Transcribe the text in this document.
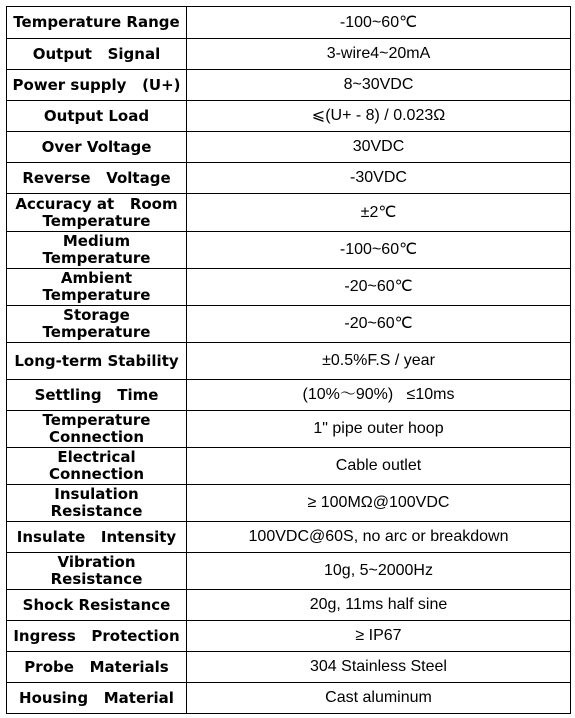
Temperature Range	-100~60℃
Output   Signal	3-wire4~20mA
Power supply   (U+)	8~30VDC
Output Load	⩽(U+ - 8) / 0.023Ω
Over Voltage	30VDC
Reverse   Voltage	-30VDC
Accuracy at   Room Temperature	±2℃
Medium Temperature	-100~60℃
Ambient Temperature	-20~60℃
Storage Temperature	-20~60℃
Long-term Stability	±0.5%F.S / year
Settling   Time	(10%～90%)   ≤10ms
Temperature Connection	1" pipe outer hoop
Electrical Connection	Cable outlet
Insulation Resistance	≥ 100MΩ@100VDC
Insulate   Intensity	100VDC@60S, no arc or breakdown
Vibration Resistance	10g, 5~2000Hz
Shock Resistance	20g, 11ms half sine
Ingress   Protection	≥ IP67
Probe   Materials	304 Stainless Steel
Housing   Material	Cast aluminum
